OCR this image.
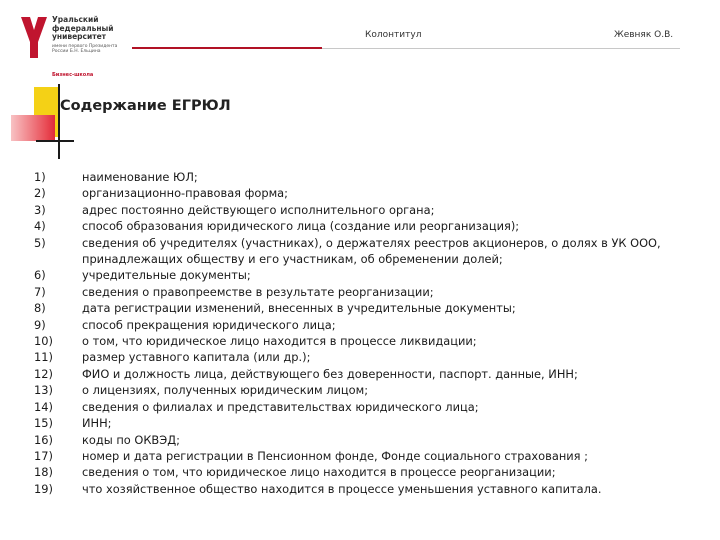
Уральский федеральный университет
имени первого Президента России Б.Н. Ельцина
Бизнес-школа
Колонтитул	Жевняк О.В.
Содержание ЕГРЮЛ
1)	наименование ЮЛ;
2)	организационно-правовая форма;
3)	адрес постоянно действующего исполнительного органа;
4)	способ образования юридического лица (создание или реорганизация);
5)	сведения об учредителях (участниках), о держателях реестров акционеров, о долях в УК ООО, принадлежащих обществу и его участникам, об обременении долей;
6)	учредительные документы;
7)	сведения о правопреемстве в результате реорганизации;
8)	дата регистрации изменений, внесенных в учредительные документы;
9)	способ прекращения юридического лица;
10)	о том, что юридическое лицо находится в процессе ликвидации;
11)	размер уставного капитала (или др.);
12)	ФИО и должность лица, действующего без доверенности, паспорт. данные, ИНН;
13)	о лицензиях, полученных юридическим лицом;
14)	сведения о филиалах и представительствах юридического лица;
15)	ИНН;
16)	коды по ОКВЭД;
17)	номер и дата регистрации в Пенсионном фонде, Фонде социального страхования ;
18)	сведения о том, что юридическое лицо находится в процессе реорганизации;
19)	что хозяйственное общество находится в процессе уменьшения уставного капитала.
